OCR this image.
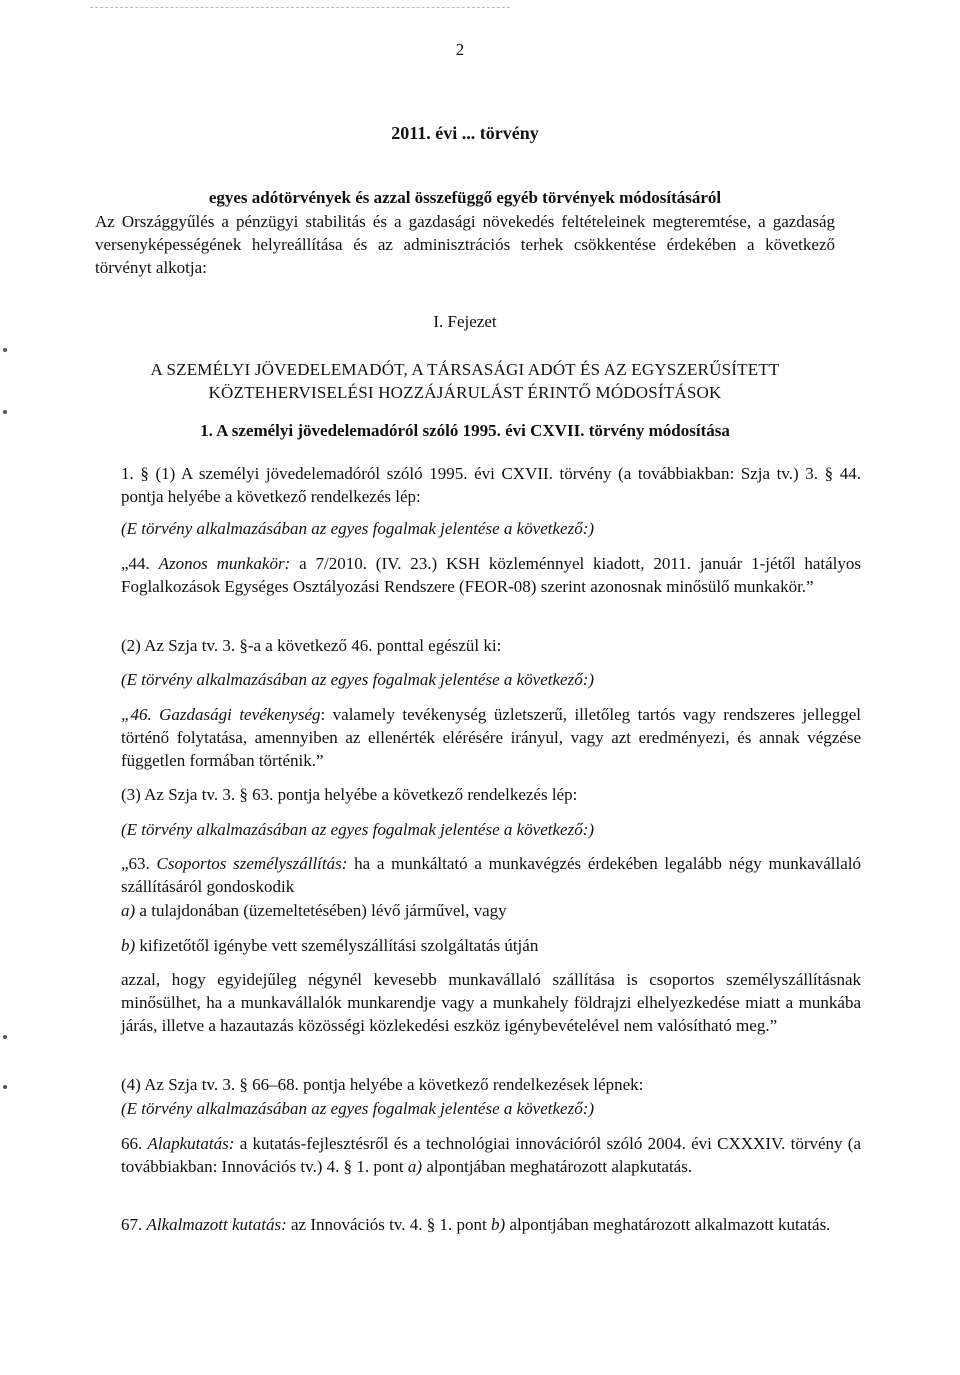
2
2011. évi ... törvény
egyes adótörvények és azzal összefüggő egyéb törvények módosításáról
Az Országgyűlés a pénzügyi stabilitás és a gazdasági növekedés feltételeinek megteremtése, a gazdaság versenyképességének helyreállítása és az adminisztrációs terhek csökkentése érdekében a következő törvényt alkotja:
I. Fejezet
A SZEMÉLYI JÖVEDELEMADÓT, A TÁRSASÁGI ADÓT ÉS AZ EGYSZERŰSÍTETT
KÖZTEHERVISELÉSI HOZZÁJÁRULÁST ÉRINTŐ MÓDOSÍTÁSOK
1. A személyi jövedelemadóról szóló 1995. évi CXVII. törvény módosítása
1. § (1) A személyi jövedelemadóról szóló 1995. évi CXVII. törvény (a továbbiakban: Szja tv.) 3. § 44. pontja helyébe a következő rendelkezés lép:
(E törvény alkalmazásában az egyes fogalmak jelentése a következő:)
„44. Azonos munkakör: a 7/2010. (IV. 23.) KSH közleménnyel kiadott, 2011. január 1-jétől hatályos Foglalkozások Egységes Osztályozási Rendszere (FEOR-08) szerint azonosnak minősülő munkakör.”
(2) Az Szja tv. 3. §-a a következő 46. ponttal egészül ki:
(E törvény alkalmazásában az egyes fogalmak jelentése a következő:)
„46. Gazdasági tevékenység: valamely tevékenység üzletszerű, illetőleg tartós vagy rendszeres jelleggel történő folytatása, amennyiben az ellenérték elérésére irányul, vagy azt eredményezi, és annak végzése független formában történik.”
(3) Az Szja tv. 3. § 63. pontja helyébe a következő rendelkezés lép:
(E törvény alkalmazásában az egyes fogalmak jelentése a következő:)
„63. Csoportos személyszállítás: ha a munkáltató a munkavégzés érdekében legalább négy munkavállaló szállításáról gondoskodik
a) a tulajdonában (üzemeltetésében) lévő járművel, vagy
b) kifizetőtől igénybe vett személyszállítási szolgáltatás útján
azzal, hogy egyidejűleg négynél kevesebb munkavállaló szállítása is csoportos személyszállításnak minősülhet, ha a munkavállalók munkarendje vagy a munkahely földrajzi elhelyezkedése miatt a munkába járás, illetve a hazautazás közösségi közlekedési eszköz igénybevételével nem valósítható meg.”
(4) Az Szja tv. 3. § 66–68. pontja helyébe a következő rendelkezések lépnek:
(E törvény alkalmazásában az egyes fogalmak jelentése a következő:)
66. Alapkutatás: a kutatás-fejlesztésről és a technológiai innovációról szóló 2004. évi CXXXIV. törvény (a továbbiakban: Innovációs tv.) 4. § 1. pont a) alpontjában meghatározott alapkutatás.
67. Alkalmazott kutatás: az Innovációs tv. 4. § 1. pont b) alpontjában meghatározott alkalmazott kutatás.
